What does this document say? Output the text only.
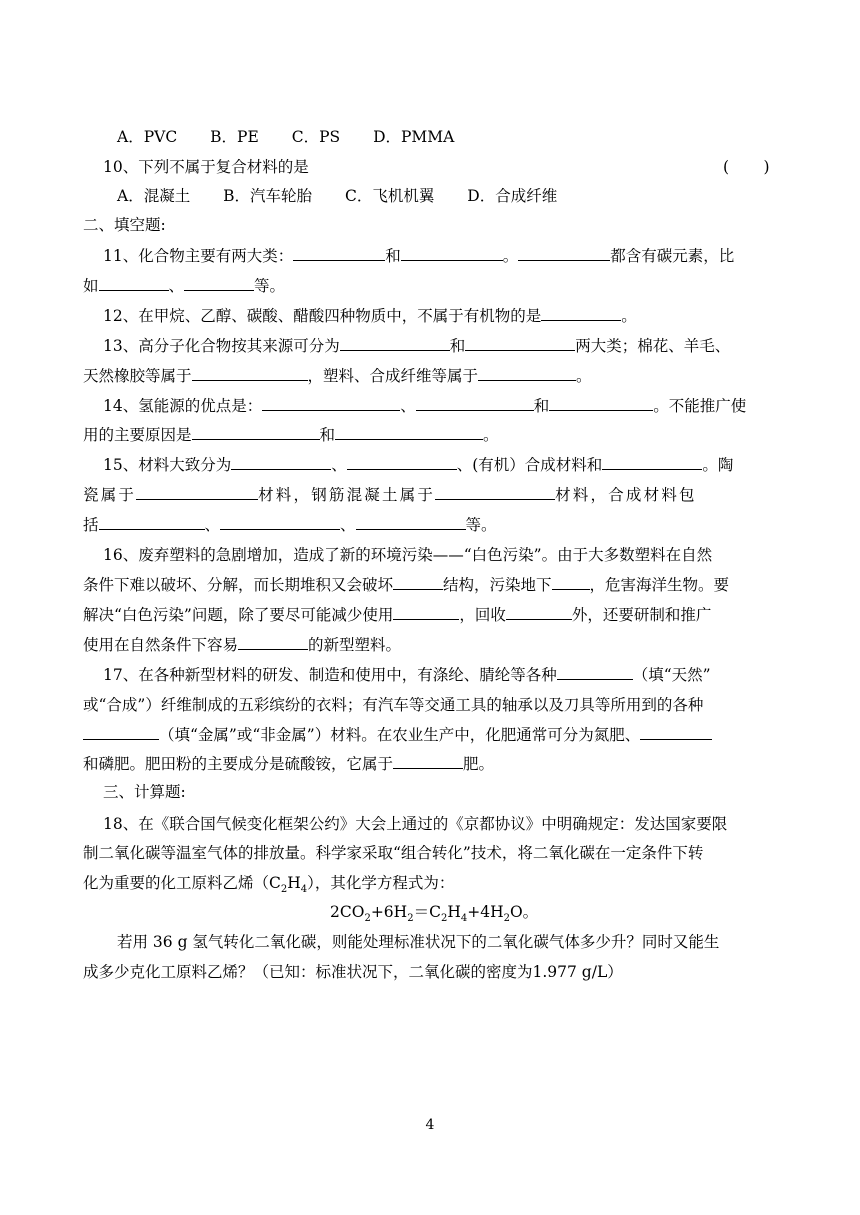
A．PVC B．PE C．PS D．PMMA
10、下列不属于复合材料的是	(       )
A．混凝土 B．汽车轮胎 C．飞机机翼 D．合成纤维
二、填空题:
11、化合物主要有两大类：	和	。	都含有碳元素，比
如	、	等。
12、在甲烷、乙醇、碳酸、醋酸四种物质中，不属于有机物的是	。
13、高分子化合物按其来源可分为	和	两大类；棉花、羊毛、
天然橡胶等属于	，塑料、合成纤维等属于	。
14、氢能源的优点是：	、	和	。不能推广使
用的主要原因是	和	。
15、材料大致分为	、	、(有机）合成材料和	。陶
瓷属于	材料，钢筋混凝土属于	材料，合成材料包
括	、	、	等。
16、废弃塑料的急剧增加，造成了新的环境污染——“白色污染”。由于大多数塑料在自然
条件下难以破坏、分解，而长期堆积又会破坏	结构，污染地下 ，危害海洋生物。要
解决“白色污染”问题，除了要尽可能减少使用	，回收	外，还要研制和推广
使用在自然条件下容易	的新型塑料。
17、在各种新型材料的研发、制造和使用中，有涤纶、腈纶等各种	（填“天然”
或“合成”）纤维制成的五彩缤纷的衣料；有汽车等交通工具的轴承以及刀具等所用到的各种
（填“金属”或“非金属”）材料。在农业生产中，化肥通常可分为氮肥、
和磷肥。肥田粉的主要成分是硫酸铵，它属于	肥。
三、计算题:
18、在《联合国气候变化框架公约》大会上通过的《京都协议》中明确规定：发达国家要限
制二氧化碳等温室气体的排放量。科学家采取“组合转化”技术，将二氧化碳在一定条件下转
化为重要的化工原料乙烯$(C_2H_4)$，其化学方程式为：
$2CO_2+6H_2=C_2H_4+4H_2O$。
若用 36 g 氢气转化二氧化碳，则能处理标准状况下的二氧化碳气体多少升？同时又能生
成多少克化工原料乙烯？（已知：标准状况下，二氧化碳的密度为1.977 g/L）
4
